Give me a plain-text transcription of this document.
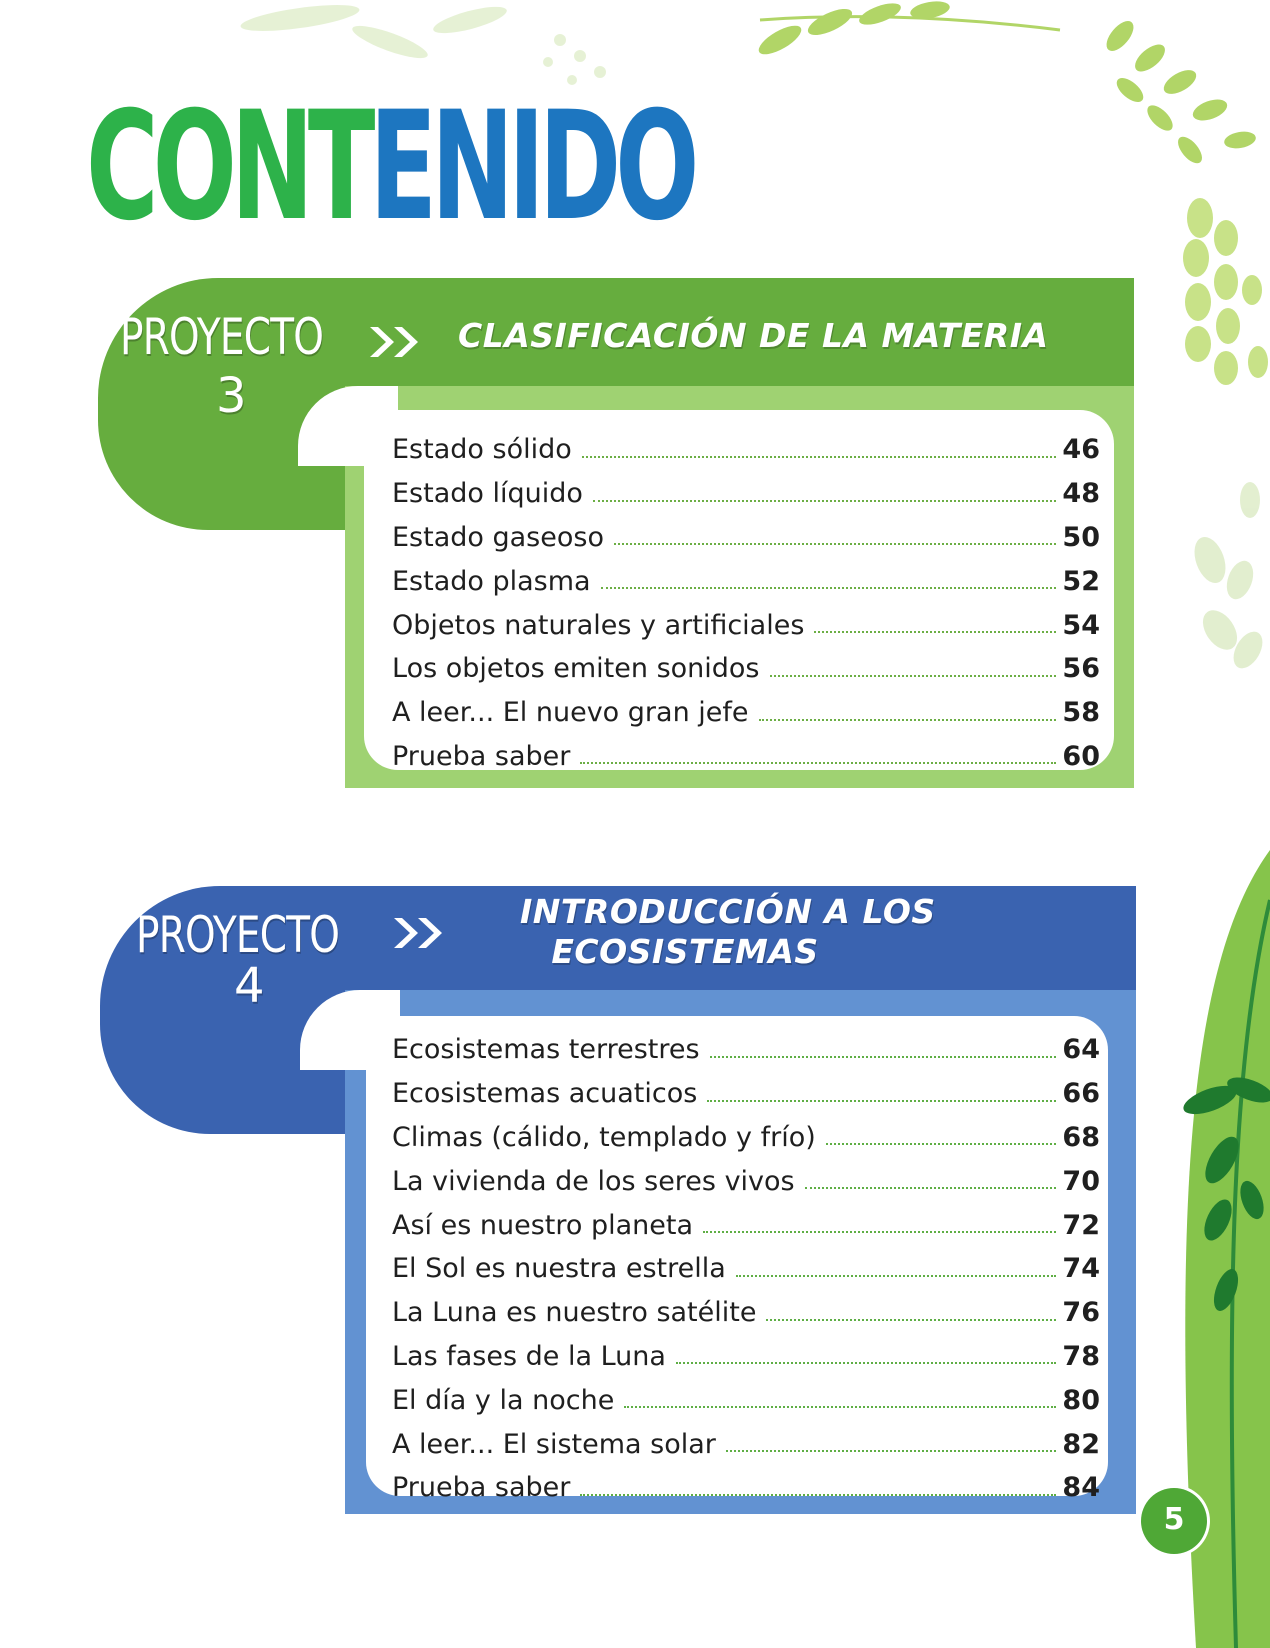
CONTENIDO
PROYECTO
3
CLASIFICACIÓN DE LA MATERIA
Estado sólido	46
Estado líquido	48
Estado gaseoso	50
Estado plasma	52
Objetos naturales y artificiales	54
Los objetos emiten sonidos	56
A leer... El nuevo gran jefe	58
Prueba saber	60
PROYECTO
4
INTRODUCCIÓN A LOS
ECOSISTEMAS
Ecosistemas terrestres	64
Ecosistemas acuaticos	66
Climas (cálido, templado y frío)	68
La vivienda de los seres vivos	70
Así es nuestro planeta	72
El Sol es nuestra estrella	74
La Luna es nuestro satélite	76
Las fases de la Luna	78
El día y la noche	80
A leer... El sistema solar	82
Prueba saber	84
5
